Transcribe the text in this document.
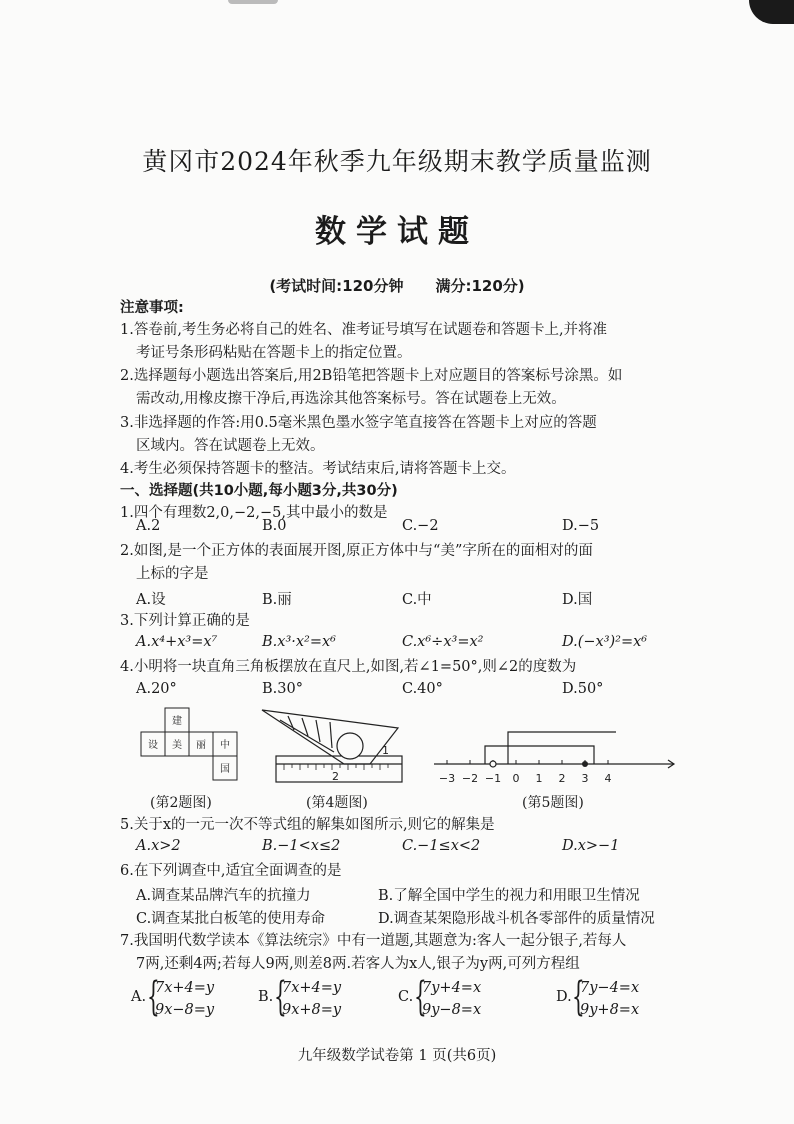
黄冈市2024年秋季九年级期末教学质量监测
数学试题
(考试时间:120分钟 满分:120分)
注意事项:
1.答卷前,考生务必将自己的姓名、准考证号填写在试题卷和答题卡上,并将准
考证号条形码粘贴在答题卡上的指定位置。
2.选择题每小题选出答案后,用2B铅笔把答题卡上对应题目的答案标号涂黑。如
需改动,用橡皮擦干净后,再选涂其他答案标号。答在试题卷上无效。
3.非选择题的作答:用0.5毫米黑色墨水签字笔直接答在答题卡上对应的答题
区域内。答在试题卷上无效。
4.考生必须保持答题卡的整洁。考试结束后,请将答题卡上交。
一、选择题(共10小题,每小题3分,共30分)
1.四个有理数2,0,−2,−5,其中最小的数是
A.2	B.0	C.−2	D.−5
2.如图,是一个正方体的表面展开图,原正方体中与“美”字所在的面相对的面
上标的字是
A.设	B.丽	C.中	D.国
3.下列计算正确的是
A.x⁴+x³=x⁷	B.x³·x²=x⁶	C.x⁶÷x³=x²	D.(−x³)²=x⁶
4.小明将一块直角三角板摆放在直尺上,如图,若∠1=50°,则∠2的度数为
A.20°	B.30°	C.40°	D.50°
建
设 美 丽 中
国
1
2	−3 −2 −1 0 1 2 3 4
(第2题图)	(第4题图)	(第5题图)
5.关于x的一元一次不等式组的解集如图所示,则它的解集是
A.x>2	B.−1<x≤2	C.−1≤x<2	D.x>−1
6.在下列调查中,适宜全面调查的是
A.调查某品牌汽车的抗撞力	B.了解全国中学生的视力和用眼卫生情况
C.调查某批白板笔的使用寿命	D.调查某架隐形战斗机各零部件的质量情况
7.我国明代数学读本《算法统宗》中有一道题,其题意为:客人一起分银子,若每人
7两,还剩4两;若每人9两,则差8两.若客人为x人,银子为y两,可列方程组
A. {
7x+4=y
9x−8=y
B. {
7x+4=y
9x+8=y
C. {
7y+4=x
9y−8=x
D. {
7y−4=x
9y+8=x
九年级数学试卷第 1 页(共6页)
